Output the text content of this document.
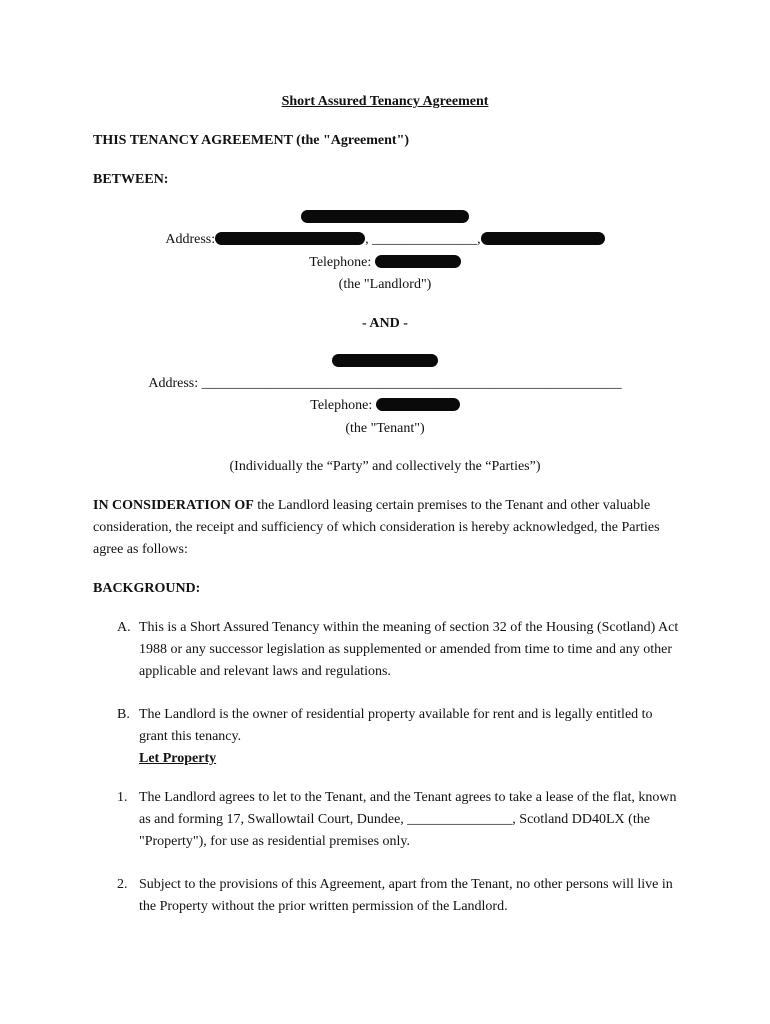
Short Assured Tenancy Agreement
THIS TENANCY AGREEMENT (the "Agreement")
BETWEEN:
Address:	, _______________,
Telephone:
(the "Landlord")
- AND -
Address: ____________________________________________________________
Telephone:
(the "Tenant")
(Individually the “Party” and collectively the “Parties”)
IN CONSIDERATION OF the Landlord leasing certain premises to the Tenant and other valuable consideration, the receipt and sufficiency of which consideration is hereby acknowledged, the Parties agree as follows:
BACKGROUND:
A. This is a Short Assured Tenancy within the meaning of section 32 of the Housing (Scotland) Act 1988 or any successor legislation as supplemented or amended from time to time and any other applicable and relevant laws and regulations.
B. The Landlord is the owner of residential property available for rent and is legally entitled to grant this tenancy.
Let Property
1. The Landlord agrees to let to the Tenant, and the Tenant agrees to take a lease of the flat, known as and forming 17, Swallowtail Court, Dundee, _______________, Scotland DD40LX (the "Property"), for use as residential premises only.
2. Subject to the provisions of this Agreement, apart from the Tenant, no other persons will live in the Property without the prior written permission of the Landlord.
